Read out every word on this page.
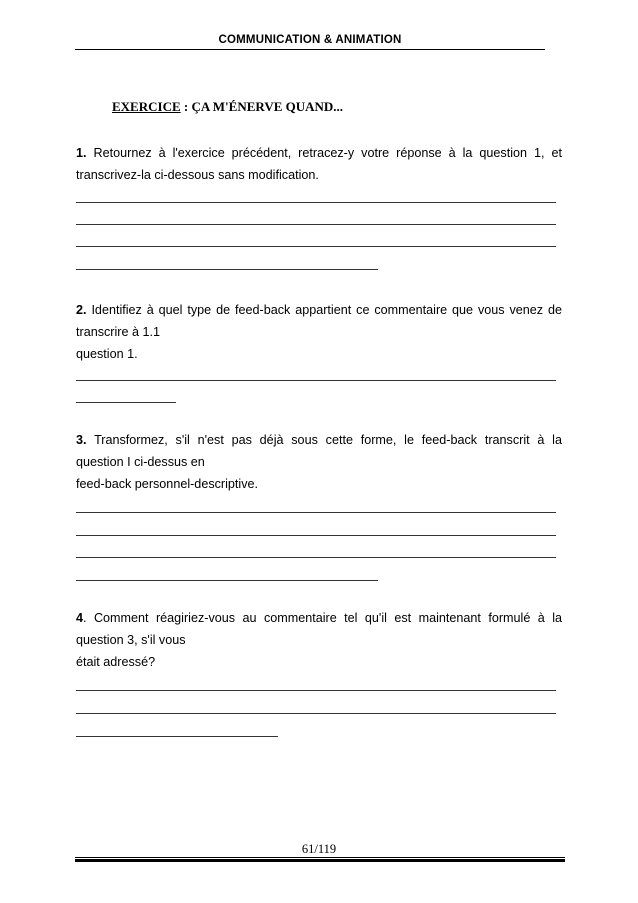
COMMUNICATION & ANIMATION
EXERCICE : ÇA M'ÉNERVE QUAND...
1. Retournez à l'exercice précédent, retracez-y votre réponse à la question 1, et
transcrivez-la ci-dessous sans modification.
2. Identifiez à quel type de feed-back appartient ce commentaire que vous venez de
transcrire à 1.1
question 1.
3. Transformez, s'il n'est pas déjà sous cette forme, le feed-back transcrit à la
question I ci-dessus en
feed-back personnel-descriptive.
4. Comment réagiriez-vous au commentaire tel qu'il est maintenant formulé à la
question 3, s'il vous
était adressé?
61/119
